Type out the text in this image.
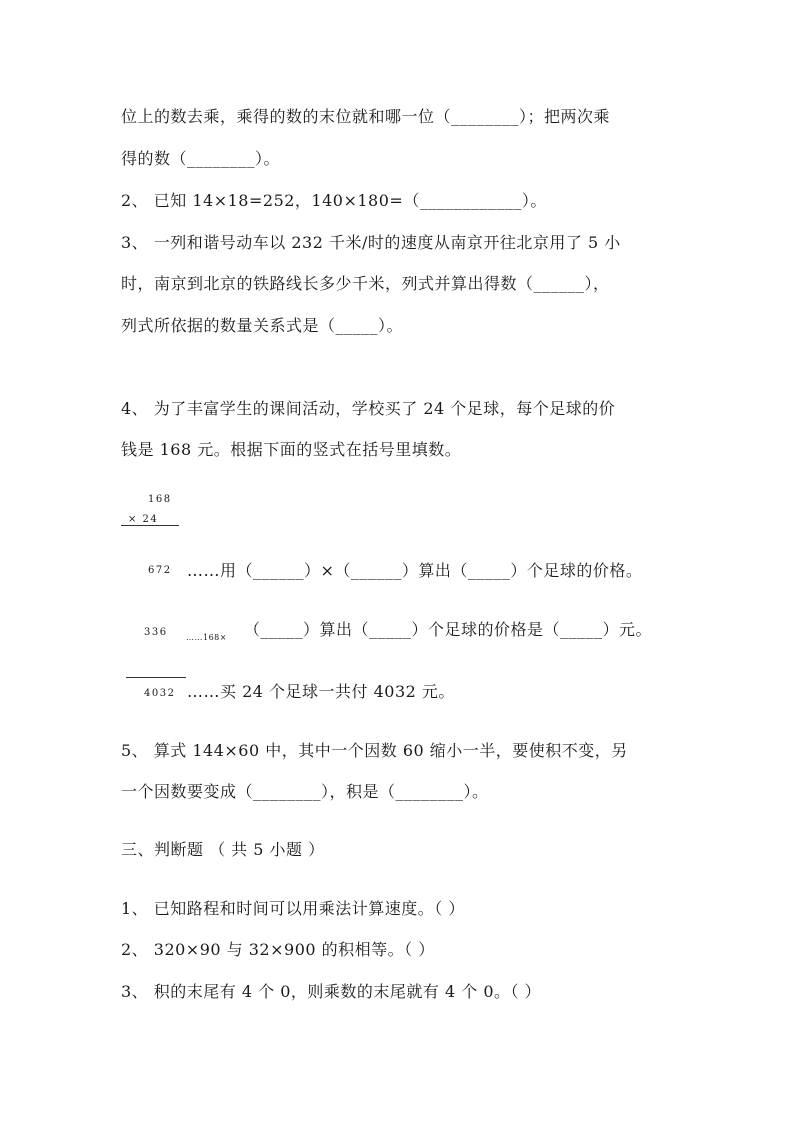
位上的数去乘，乘得的数的末位就和哪一位（________）；把两次乘
得的数（________）。
2、 已知 14×18=252，140×180=（____________）。
3、 一列和谐号动车以 232 千米/时的速度从南京开往北京用了 5 小
时，南京到北京的铁路线长多少千米，列式并算出得数（______），
列式所依据的数量关系式是（_____）。
4、 为了丰富学生的课间活动，学校买了 24 个足球，每个足球的价
钱是 168 元。根据下面的竖式在括号里填数。
168
× 24
672 ……用（______）×（______）算出（_____）个足球的价格。
336 ……168× （_____）算出（_____）个足球的价格是（_____）元。
4032 ……买 24 个足球一共付 4032 元。
5、 算式 144×60 中，其中一个因数 60 缩小一半，要使积不变，另
一个因数要变成（________），积是（________）。
三、判断题 （ 共 5 小题 ）
1、 已知路程和时间可以用乘法计算速度。（ ）
2、 320×90 与 32×900 的积相等。（ ）
3、 积的末尾有 4 个 0，则乘数的末尾就有 4 个 0。（ ）
